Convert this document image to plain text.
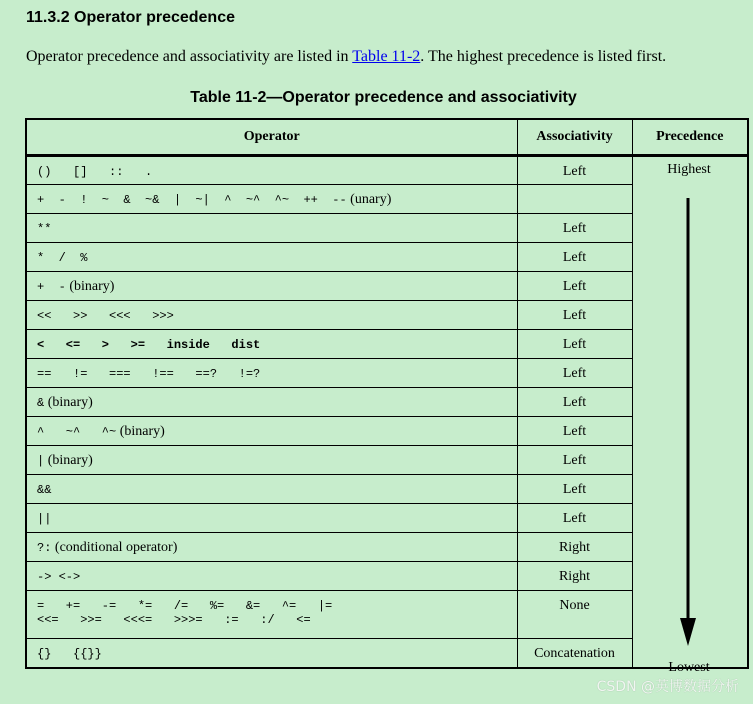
11.3.2 Operator precedence

Operator precedence and associativity are listed in Table 11-2. The highest precedence is listed first.

Table 11-2—Operator precedence and associativity
Operator	Associativity	Precedence
()   []   ::   .	Left	
+  -  !  ~  &  ~&  |  ~|  ^  ~^  ^~  ++  -- (unary)		
**	Left	
*  /  %	Left	
+  - (binary)	Left	
<<   >>   <<<   >>>	Left	
<   <=   >   >=   inside   dist	Left	
==   !=   ===   !==   ==?   !=?	Left	
& (binary)	Left	
^   ~^   ^~ (binary)	Left	
| (binary)	Left	
&&	Left	
||	Left	
?: (conditional operator)	Right	
-> <->	Right	
=   +=   -=   *=   /=   %=   &=   ^=   |=
<<=   >>=   <<<=   >>>=   :=   :/   <=	None	
{}   {{}}	Concatenation	
Highest
Lowest
CSDN @英博数据分析
